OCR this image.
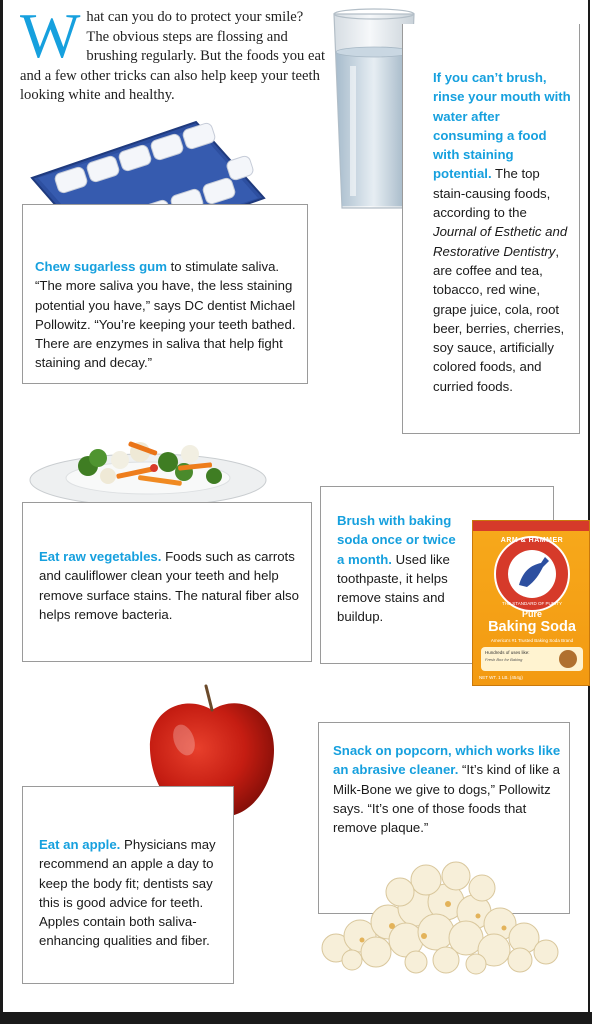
What can you do to protect your smile? The obvious steps are flossing and brushing regularly. But the foods you eat and a few other tricks can also help keep your teeth looking white and healthy.
Chew sugarless gum to stimulate saliva. “The more saliva you have, the less staining potential you have,” says DC dentist Michael Pollowitz. “You’re keeping your teeth bathed. There are enzymes in saliva that help fight staining and decay.”
If you can’t brush, rinse your mouth with water after consuming a food with staining potential. The top stain-causing foods, according to the Journal of Esthetic and Restorative Dentistry, are coffee and tea, tobacco, red wine, grape juice, cola, root beer, berries, cherries, soy sauce, artificially colored foods, and curried foods.
Eat raw vegetables. Foods such as carrots and cauliflower clean your teeth and help remove surface stains. The natural fiber also helps remove bacteria.
Brush with baking soda once or twice a month. Used like toothpaste, it helps remove stains and buildup.
ARM & HAMMER
THE STANDARD OF PURITY
Pure
Baking Soda
America's #1 Trusted Baking Soda Brand
Hundreds of uses like:
Fresh Box for Baking
NET WT. 1 LB. (454g)
Eat an apple. Physicians may recommend an apple a day to keep the body fit; dentists say this is good advice for teeth. Apples contain both saliva-enhancing qualities and fiber.
Snack on popcorn, which works like an abrasive cleaner. “It’s kind of like a Milk-Bone we give to dogs,” Pollowitz says. “It’s one of those foods that remove plaque.”
